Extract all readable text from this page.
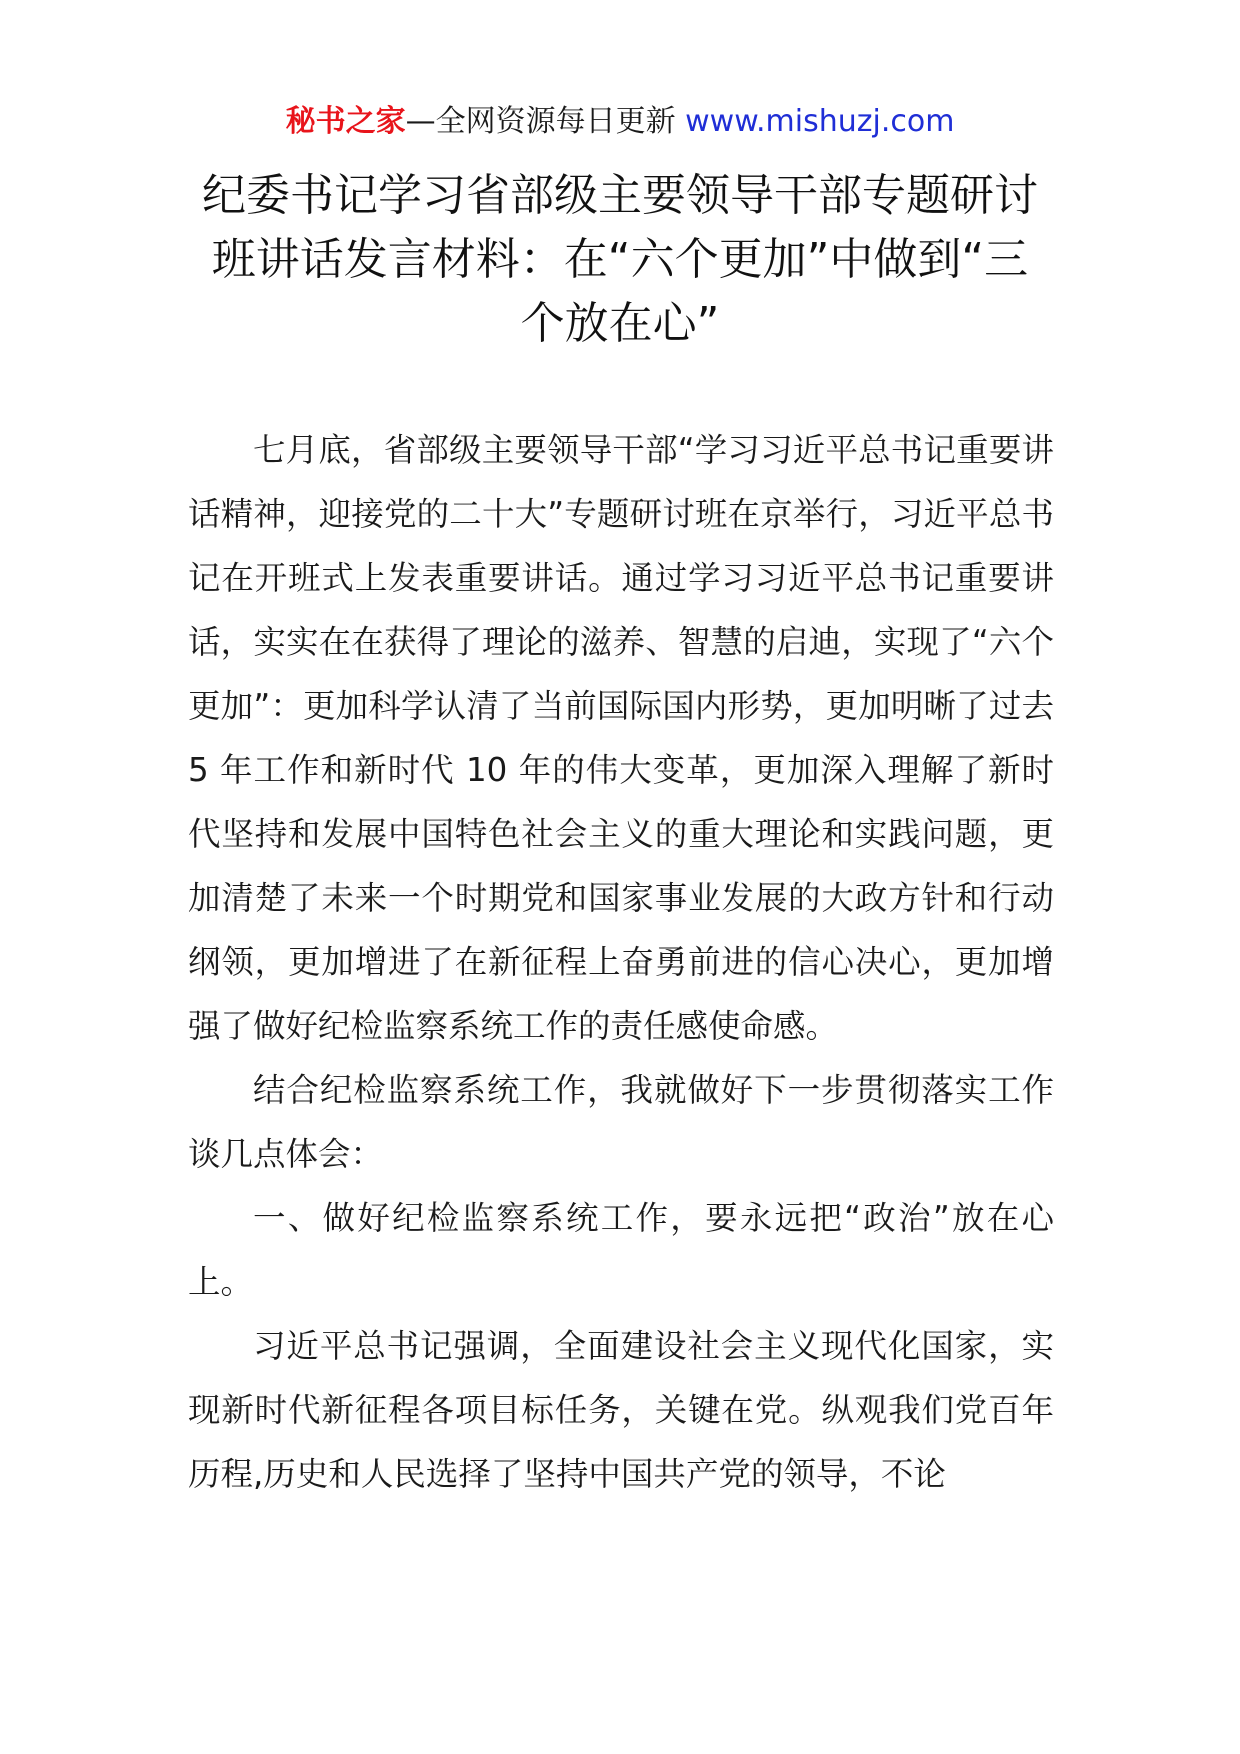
秘书之家—全网资源每日更新 www.mishuzj.com
纪委书记学习省部级主要领导干部专题研讨班讲话发言材料：在“六个更加”中做到“三个放在心”

七月底，省部级主要领导干部“学习习近平总书记重要讲话精神，迎接党的二十大”专题研讨班在京举行，习近平总书记在开班式上发表重要讲话。通过学习习近平总书记重要讲话，实实在在获得了理论的滋养、智慧的启迪，实现了“六个更加”：更加科学认清了当前国际国内形势，更加明晰了过去 5 年工作和新时代 10 年的伟大变革，更加深入理解了新时代坚持和发展中国特色社会主义的重大理论和实践问题，更加清楚了未来一个时期党和国家事业发展的大政方针和行动纲领，更加增进了在新征程上奋勇前进的信心决心，更加增强了做好纪检监察系统工作的责任感使命感。

结合纪检监察系统工作，我就做好下一步贯彻落实工作谈几点体会：

一、做好纪检监察系统工作，要永远把“政治”放在心上。

习近平总书记强调，全面建设社会主义现代化国家，实现新时代新征程各项目标任务，关键在党。纵观我们党百年历程,历史和人民选择了坚持中国共产党的领导，不论
